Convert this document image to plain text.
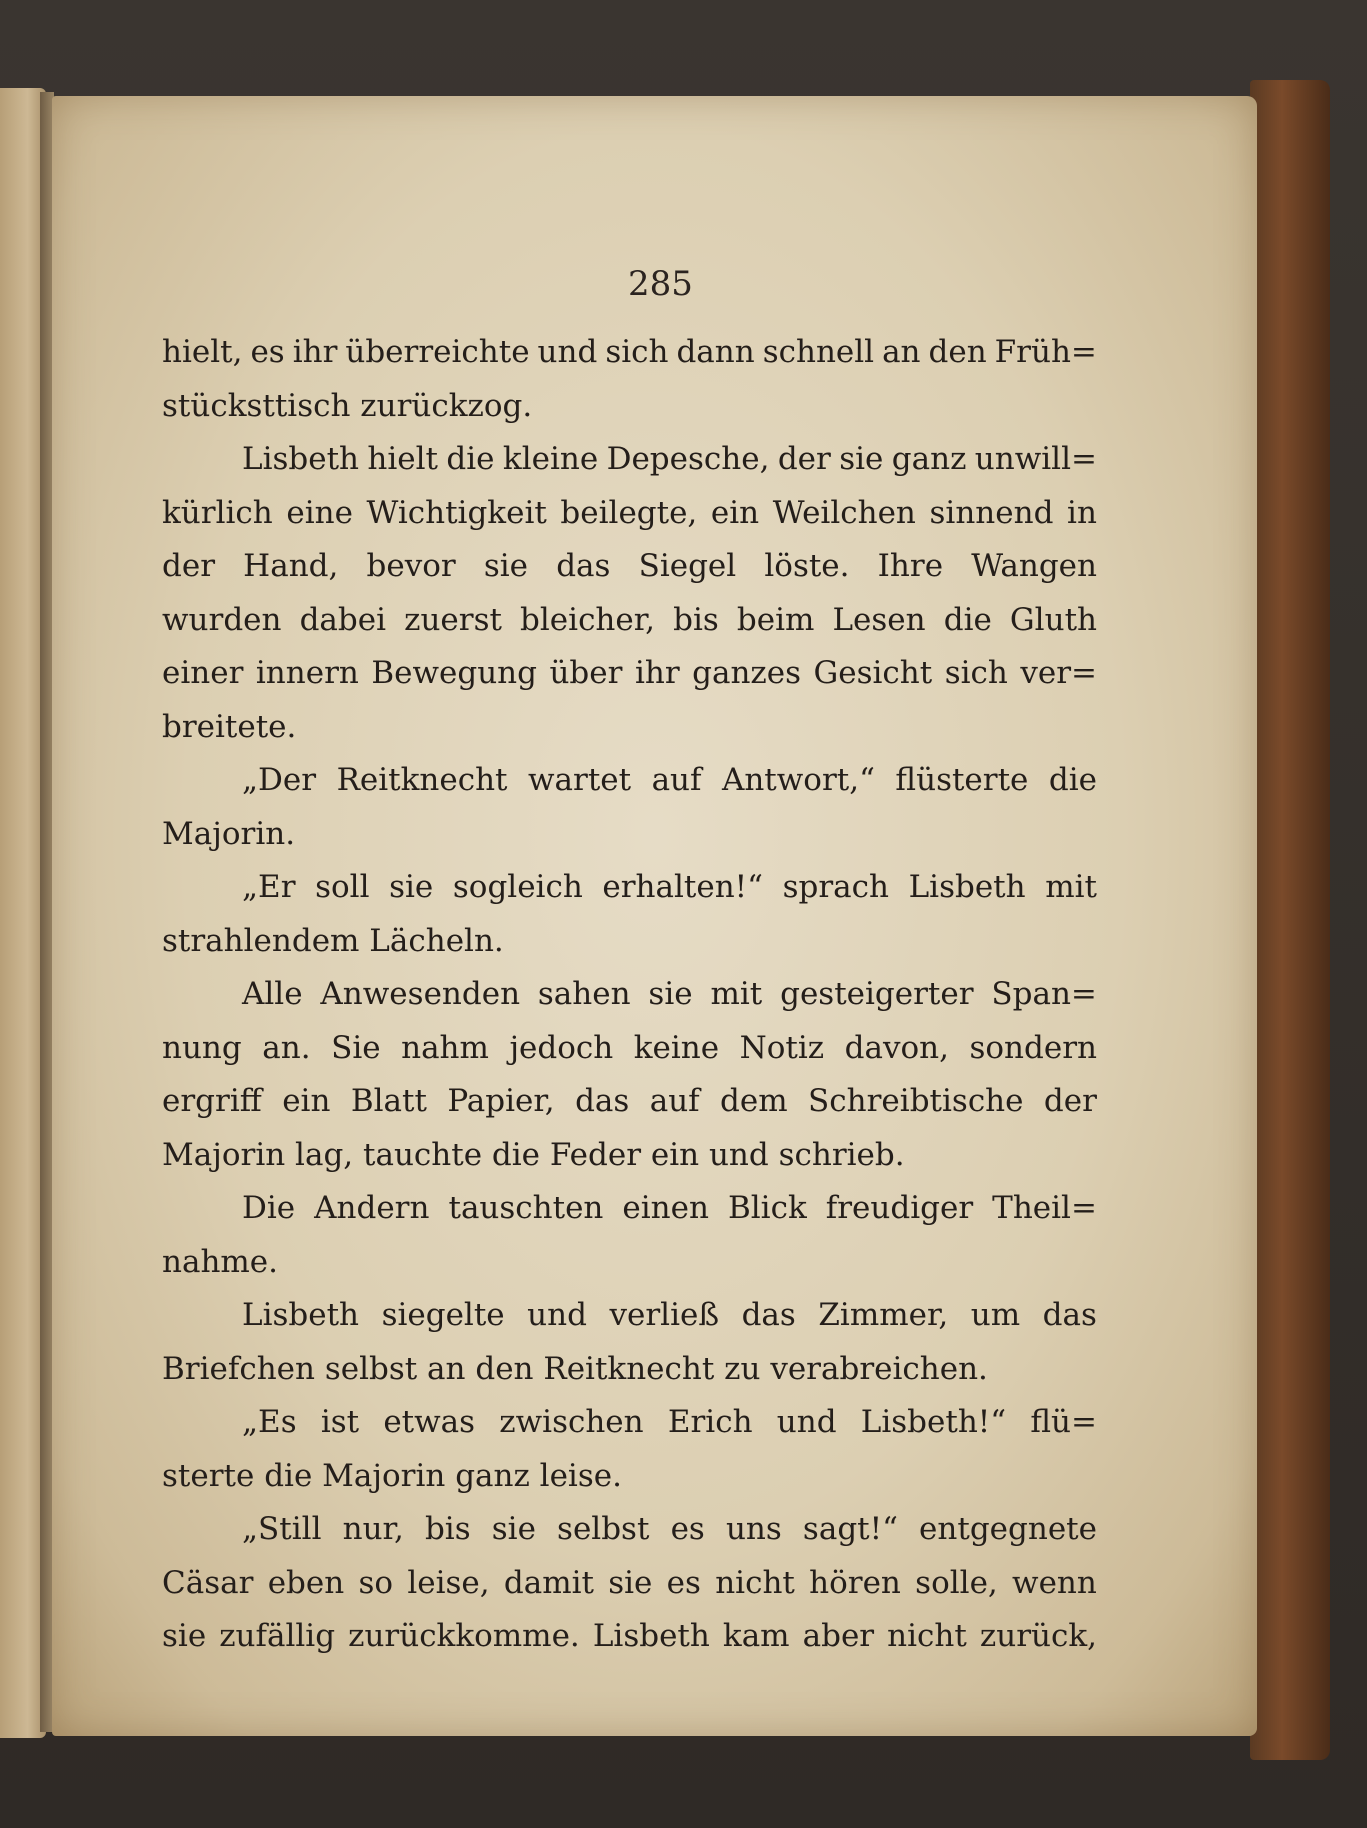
285
hielt, es ihr überreichte und sich dann schnell an den Früh=
stücksttisch zurückzog.
Lisbeth hielt die kleine Depesche, der sie ganz unwill=
kürlich eine Wichtigkeit beilegte, ein Weilchen sinnend in
der Hand, bevor sie das Siegel löste. Ihre Wangen
wurden dabei zuerst bleicher, bis beim Lesen die Gluth
einer innern Bewegung über ihr ganzes Gesicht sich ver=
breitete.
„Der Reitknecht wartet auf Antwort,“ flüsterte die
Majorin.
„Er soll sie sogleich erhalten!“ sprach Lisbeth mit
strahlendem Lächeln.
Alle Anwesenden sahen sie mit gesteigerter Span=
nung an. Sie nahm jedoch keine Notiz davon, sondern
ergriff ein Blatt Papier, das auf dem Schreibtische der
Majorin lag, tauchte die Feder ein und schrieb.
Die Andern tauschten einen Blick freudiger Theil=
nahme.
Lisbeth siegelte und verließ das Zimmer, um das
Briefchen selbst an den Reitknecht zu verabreichen.
„Es ist etwas zwischen Erich und Lisbeth!“ flü=
sterte die Majorin ganz leise.
„Still nur, bis sie selbst es uns sagt!“ entgegnete
Cäsar eben so leise, damit sie es nicht hören solle, wenn
sie zufällig zurückkomme. Lisbeth kam aber nicht zurück,
